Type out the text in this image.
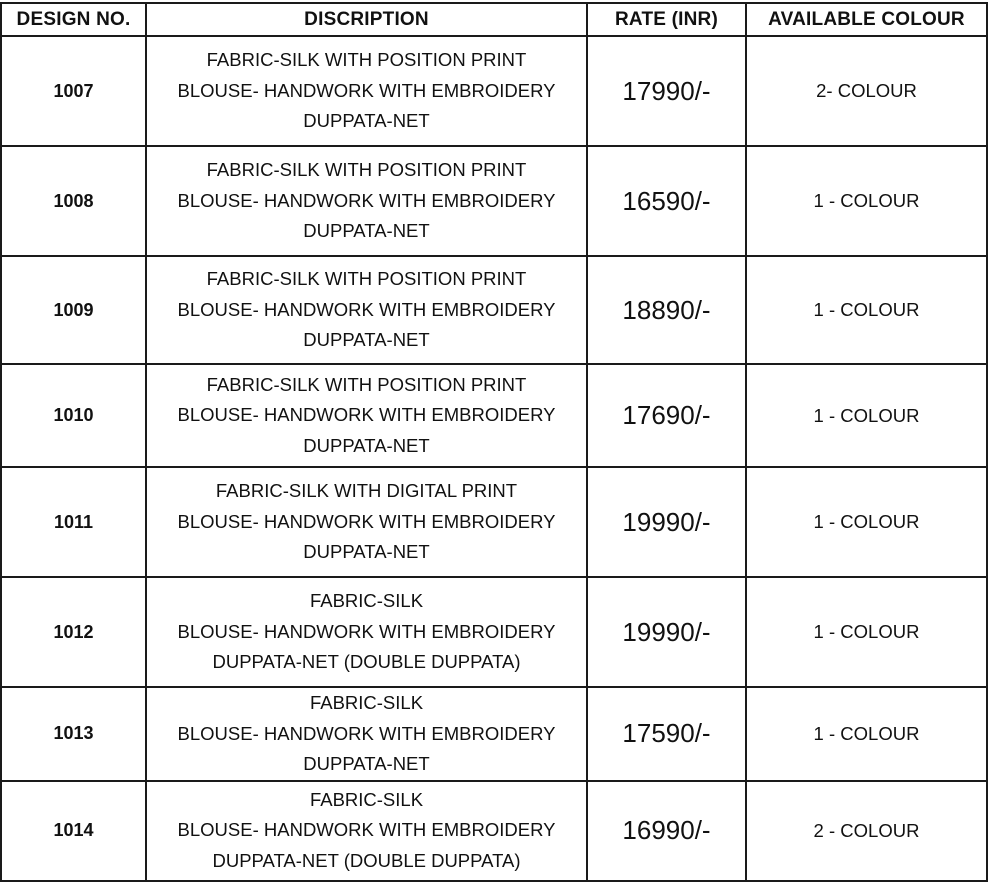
DESIGN NO.	DISCRIPTION	RATE (INR)	AVAILABLE COLOUR
1007	FABRIC-SILK WITH POSITION PRINT
BLOUSE- HANDWORK WITH EMBROIDERY
DUPPATA-NET	17990/-	2- COLOUR
1008	FABRIC-SILK WITH POSITION PRINT
BLOUSE- HANDWORK WITH EMBROIDERY
DUPPATA-NET	16590/-	1 - COLOUR
1009	FABRIC-SILK WITH POSITION PRINT
BLOUSE- HANDWORK WITH EMBROIDERY
DUPPATA-NET	18890/-	1 - COLOUR
1010	FABRIC-SILK WITH POSITION PRINT
BLOUSE- HANDWORK WITH EMBROIDERY
DUPPATA-NET	17690/-	1 - COLOUR
1011	FABRIC-SILK WITH DIGITAL PRINT
BLOUSE- HANDWORK WITH EMBROIDERY
DUPPATA-NET	19990/-	1 - COLOUR
1012	FABRIC-SILK
BLOUSE- HANDWORK WITH EMBROIDERY
DUPPATA-NET (DOUBLE DUPPATA)	19990/-	1 - COLOUR
1013	FABRIC-SILK
BLOUSE- HANDWORK WITH EMBROIDERY
DUPPATA-NET	17590/-	1 - COLOUR
1014	FABRIC-SILK
BLOUSE- HANDWORK WITH EMBROIDERY
DUPPATA-NET (DOUBLE DUPPATA)	16990/-	2 - COLOUR
